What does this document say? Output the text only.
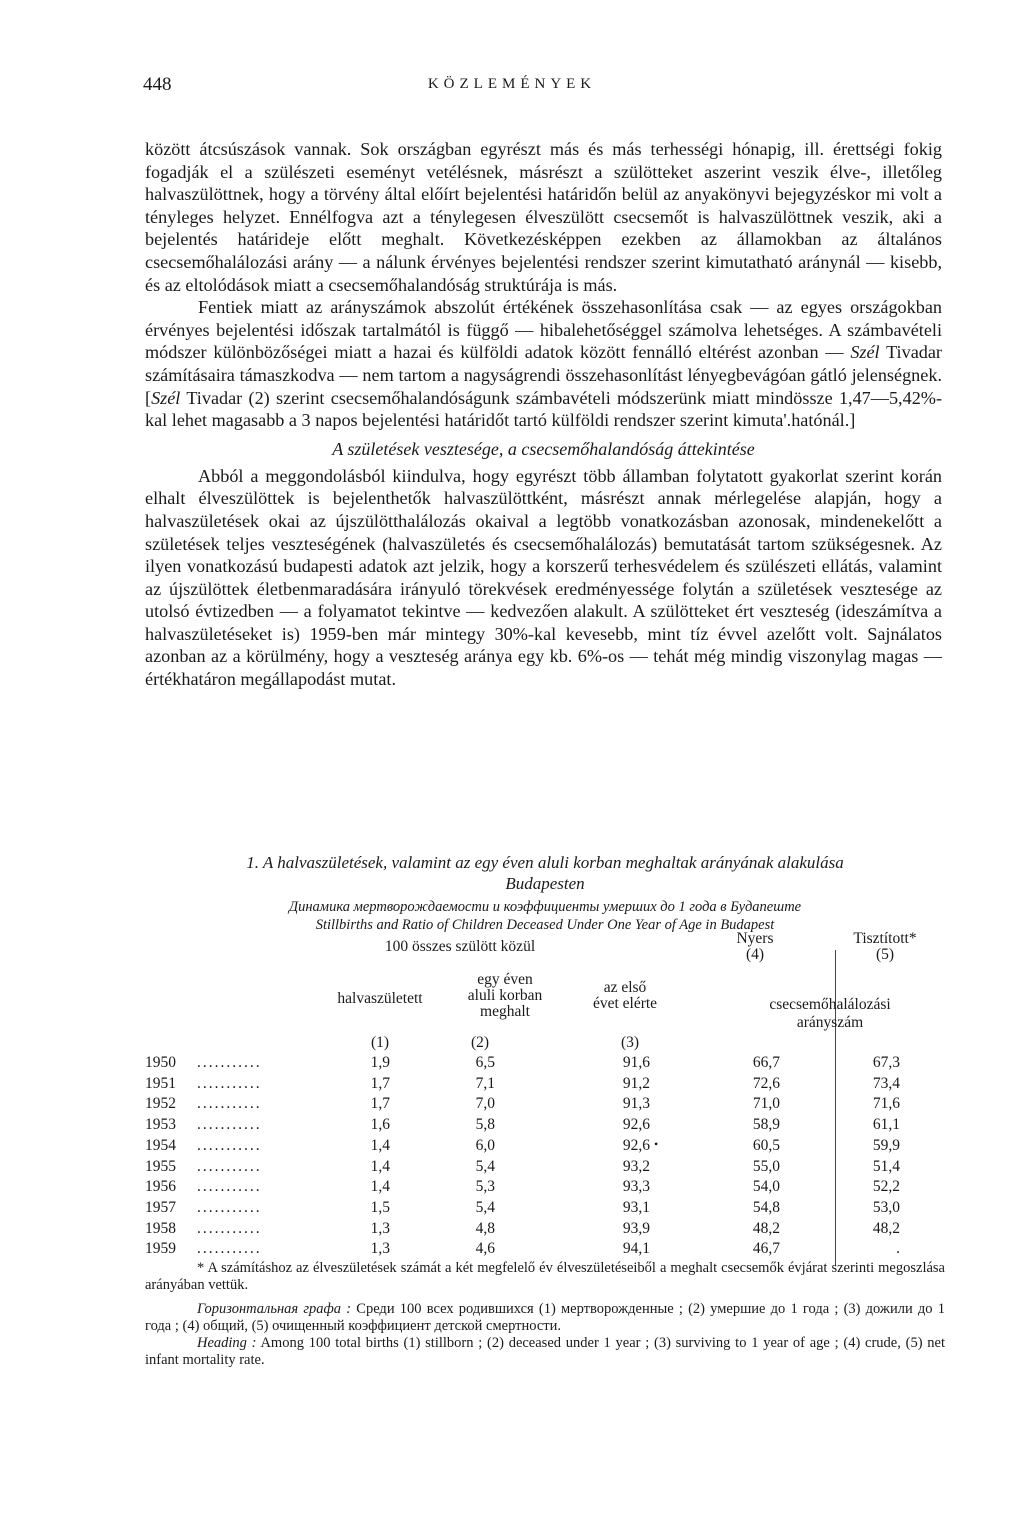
448	KÖZLEMÉNYEK

között átcsúszások vannak. Sok országban egyrészt más és más terhességi hónapig, ill. érettségi fokig fogadják el a szülészeti eseményt vetélésnek, másrészt a szülötteket aszerint veszik élve-, illetőleg halvaszülöttnek, hogy a törvény által előírt bejelentési határidőn belül az anyakönyvi bejegyzéskor mi volt a tényleges helyzet. Ennélfogva azt a ténylegesen élveszülött csecsemőt is halvaszülöttnek veszik, aki a bejelentés határideje előtt meghalt. Következésképpen ezekben az államokban az általános csecsemőhalálozási arány — a nálunk érvényes bejelentési rendszer szerint kimutatható aránynál — kisebb, és az eltolódások miatt a csecsemőhalandóság struktúrája is más.

Fentiek miatt az arányszámok abszolút értékének összehasonlítása csak — az egyes országokban érvényes bejelentési időszak tartalmától is függő — hibalehetőséggel számolva lehetséges. A számbavételi módszer különbözőségei miatt a hazai és külföldi adatok között fennálló eltérést azonban — Szél Tivadar számításaira támaszkodva — nem tartom a nagyságrendi összehasonlítást lényegbevágóan gátló jelenségnek. [Szél Tivadar (2) szerint csecsemőhalandóságunk számbavételi módszerünk miatt mindössze 1,47—5,42%-kal lehet magasabb a 3 napos bejelentési határidőt tartó külföldi rendszer szerint kimuta'.hatónál.]

A születések vesztesége, a csecsemőhalandóság áttekintése

Abból a meggondolásból kiindulva, hogy egyrészt több államban folytatott gyakorlat szerint korán elhalt élveszülöttek is bejelenthetők halvaszülöttként, másrészt annak mérlegelése alapján, hogy a halvaszületések okai az újszülötthalálozás okaival a legtöbb vonatkozásban azonosak, mindenekelőtt a születések teljes veszteségének (halvaszületés és csecsemőhalálozás) bemutatását tartom szükségesnek. Az ilyen vonatkozású budapesti adatok azt jelzik, hogy a korszerű terhesvédelem és szülészeti ellátás, valamint az újszülöttek életbenmaradására irányuló törekvések eredményessége folytán a születések vesztesége az utolsó évtizedben — a folyamatot tekintve — kedvezően alakult. A szülötteket ért veszteség (ideszámítva a halvaszületéseket is) 1959-ben már mintegy 30%-kal kevesebb, mint tíz évvel azelőtt volt. Sajnálatos azonban az a körülmény, hogy a veszteség aránya egy kb. 6%-os — tehát még mindig viszonylag magas — értékhatáron megállapodást mutat.

1. A halvaszületések, valamint az egy éven aluli korban meghaltak arányának alakulása
Budapesten
Динамика мертворождаемости и коэффициенты умерших до 1 года в Будапеште
Stillbirths and Ratio of Children Deceased Under One Year of Age in Budapest
100 összes szülött közül	Nyers
(4)
Tisztított*
(5)
halvaszületett
egy éven
aluli korban
meghalt
az első
évet elérte	csecsemőhalálozási
arányszám
(1)	(2)	(3)
1950 ...........	1,9	6,5	91,6	66,7	67,3
1951 ...........	1,7	7,1	91,2	72,6	73,4
1952 ...........	1,7	7,0	91,3	71,0	71,6
1953 ...........	1,6	5,8	92,6	58,9	61,1
1954 ...........	1,4	6,0	92,6	60,5	59,9
•
1955 ...........	1,4	5,4	93,2	55,0	51,4
1956 ...........	1,4	5,3	93,3	54,0	52,2
1957 ...........	1,5	5,4	93,1	54,8	53,0
1958 ...........	1,3	4,8	93,9	48,2	48,2
1959 ...........	1,3	4,6	94,1	46,7	.

* A számításhoz az élveszületések számát a két megfelelő év élveszületéseiből a meghalt csecsemők évjárat szerinti megoszlása arányában vettük.

Горизонтальная графа : Среди 100 всех родившихся (1) мертворожденные ; (2) умершие до 1 года ; (3) дожили до 1 года ; (4) общий, (5) очищенный коэффициент детской смертности.

Heading : Among 100 total births (1) stillborn ; (2) deceased under 1 year ; (3) surviving to 1 year of age ; (4) crude, (5) net infant mortality rate.
